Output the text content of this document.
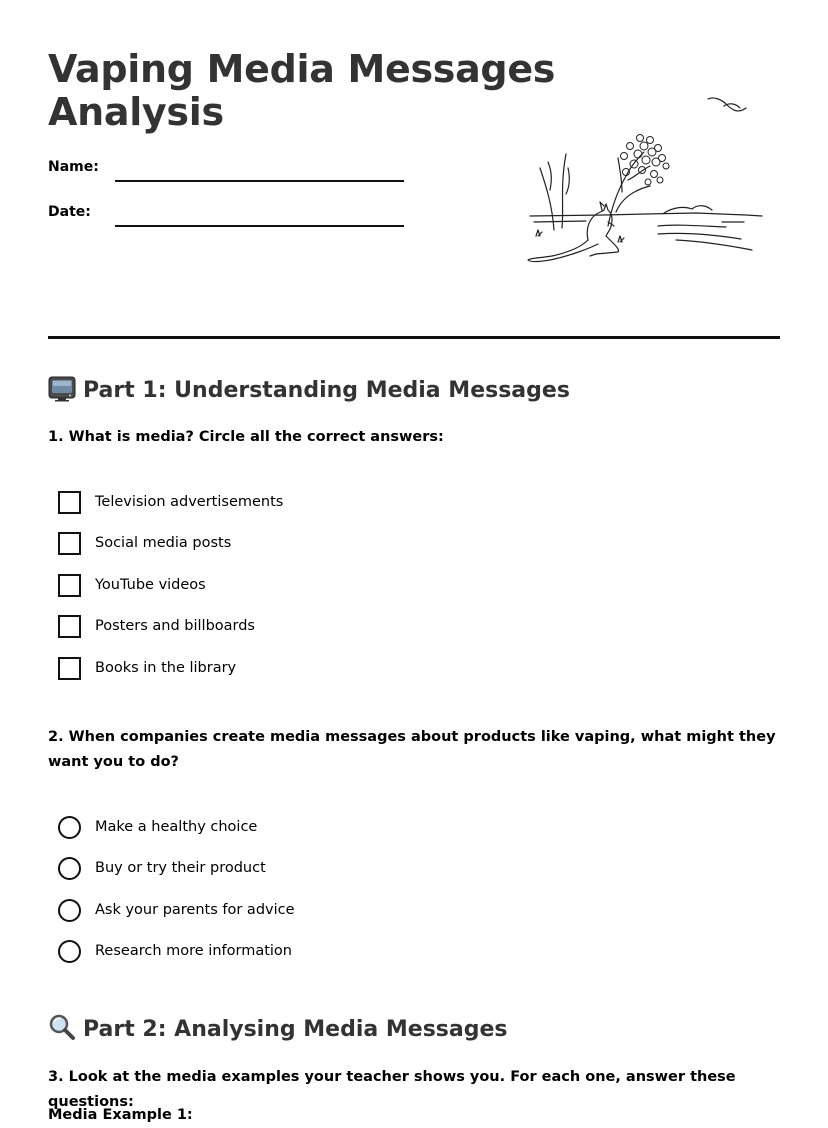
Vaping Media Messages
Analysis
Name:
Date:
Part 1: Understanding Media Messages

1. What is media? Circle all the correct answers:

Television advertisements
Social media posts
YouTube videos
Posters and billboards
Books in the library

2. When companies create media messages about products like vaping, what might they want you to do?

Make a healthy choice
Buy or try their product
Ask your parents for advice
Research more information
Part 2: Analysing Media Messages

3. Look at the media examples your teacher shows you. For each one, answer these questions:

Media Example 1:
